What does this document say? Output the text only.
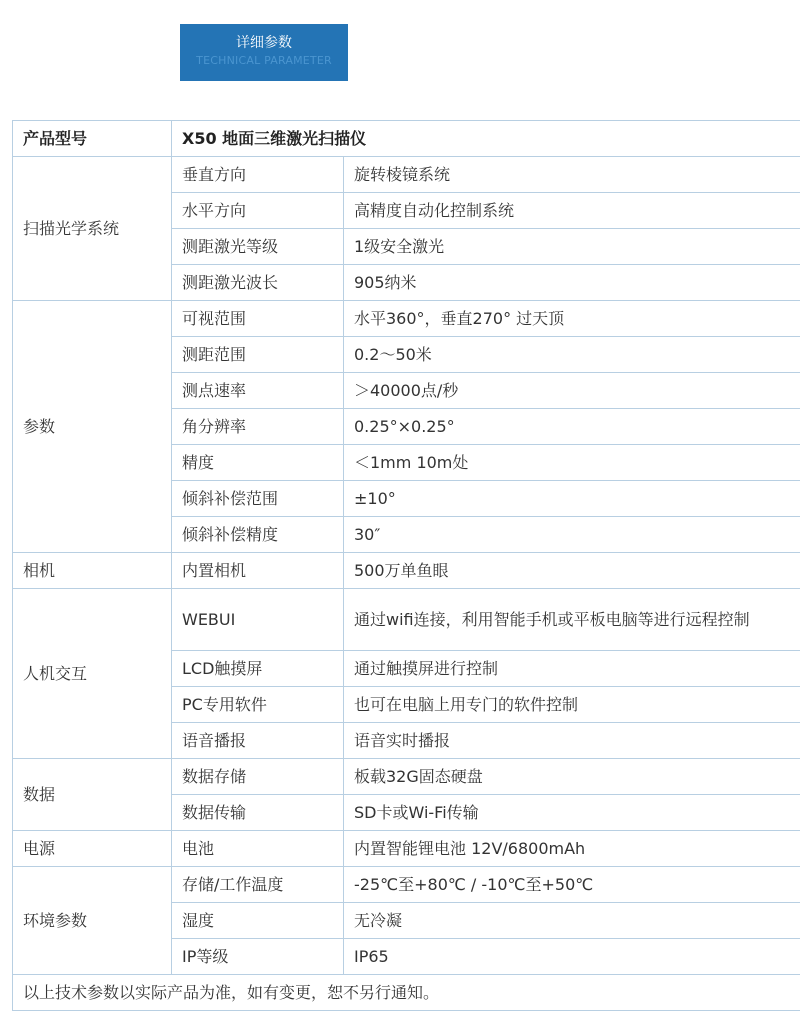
详细参数
TECHNICAL PARAMETER
产品型号	X50 地面三维激光扫描仪	
扫描光学系统	垂直方向	旋转棱镜系统
	水平方向	高精度自动化控制系统
	测距激光等级	1级安全激光
	测距激光波长	905纳米
参数	可视范围	水平360°，垂直270° 过天顶
	测距范围	0.2～50米
	测点速率	＞40000点/秒
	角分辨率	0.25°×0.25°
	精度	＜1mm 10m处
	倾斜补偿范围	±10°
	倾斜补偿精度	30″
相机	内置相机	500万单鱼眼
人机交互	WEBUI	通过wifi连接，利用智能手机或平板电脑等进行远程控制
	LCD触摸屏	通过触摸屏进行控制
	PC专用软件	也可在电脑上用专门的软件控制
	语音播报	语音实时播报
数据	数据存储	板载32G固态硬盘
	数据传输	SD卡或Wi-Fi传输
电源	电池	内置智能锂电池 12V/6800mAh
环境参数	存储/工作温度	-25℃至+80℃ / -10℃至+50℃
	湿度	无冷凝
	IP等级	IP65
以上技术参数以实际产品为准，如有变更，恕不另行通知。		
